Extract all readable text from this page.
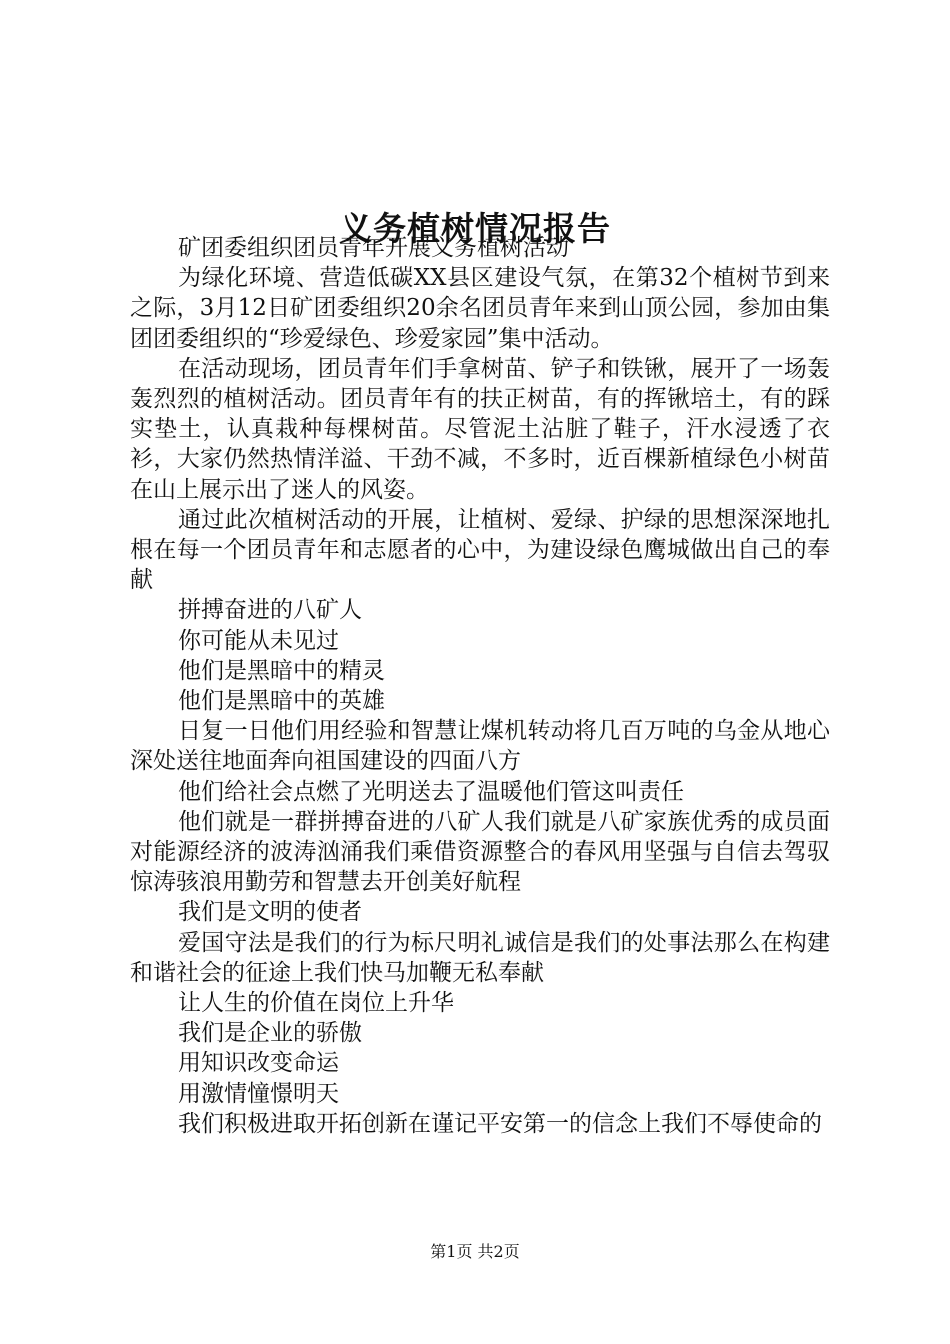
义务植树情况报告

矿团委组织团员青年开展义务植树活动

为绿化环境、营造低碳XX县区建设气氛，在第32个植树节到来之际，3月12日矿团委组织20余名团员青年来到山顶公园，参加由集团团委组织的“珍爱绿色、珍爱家园”集中活动。

在活动现场，团员青年们手拿树苗、铲子和铁锹，展开了一场轰轰烈烈的植树活动。团员青年有的扶正树苗，有的挥锹培土，有的踩实垫土，认真栽种每棵树苗。尽管泥土沾脏了鞋子，汗水浸透了衣衫，大家仍然热情洋溢、干劲不减，不多时，近百棵新植绿色小树苗在山上展示出了迷人的风姿。

通过此次植树活动的开展，让植树、爱绿、护绿的思想深深地扎根在每一个团员青年和志愿者的心中，为建设绿色鹰城做出自己的奉献

拼搏奋进的八矿人

你可能从未见过

他们是黑暗中的精灵

他们是黑暗中的英雄

日复一日他们用经验和智慧让煤机转动将几百万吨的乌金从地心深处送往地面奔向祖国建设的四面八方

他们给社会点燃了光明送去了温暖他们管这叫责任

他们就是一群拼搏奋进的八矿人我们就是八矿家族优秀的成员面对能源经济的波涛汹涌我们乘借资源整合的春风用坚强与自信去驾驭惊涛骇浪用勤劳和智慧去开创美好航程

我们是文明的使者

爱国守法是我们的行为标尺明礼诚信是我们的处事法那么在构建和谐社会的征途上我们快马加鞭无私奉献

让人生的价值在岗位上升华

我们是企业的骄傲

用知识改变命运

用激情憧憬明天

我们积极进取开拓创新在谨记平安第一的信念上我们不辱使命的

第1页 共2页
